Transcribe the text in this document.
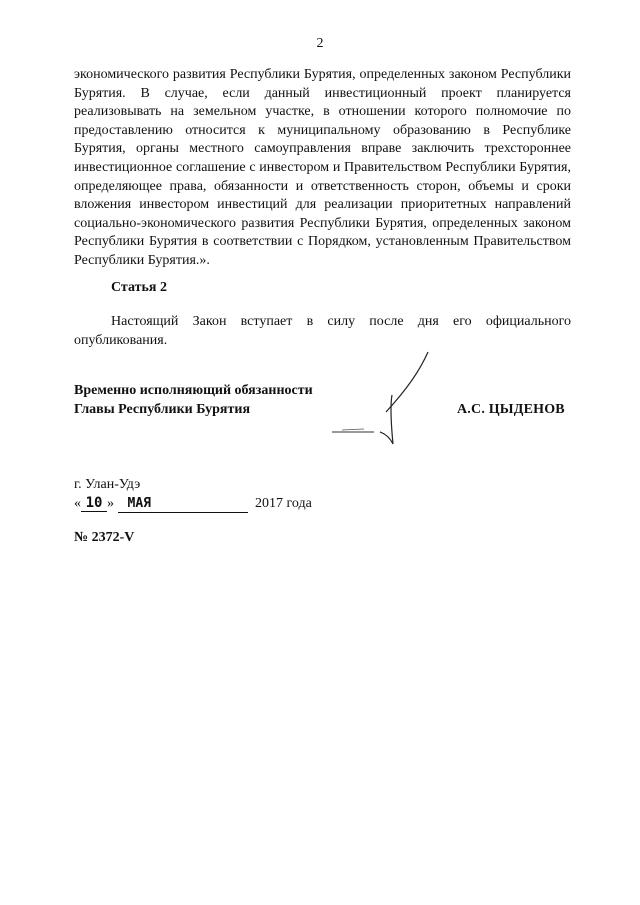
2

экономического развития Республики Бурятия, определенных законом Республики Бурятия. В случае, если данный инвестиционный проект планируется реализовывать на земельном участке, в отношении которого полномочие по предоставлению относится к муниципальному образованию в Республике Бурятия, органы местного самоуправления вправе заключить трехстороннее инвестиционное соглашение с инвестором и Правительством Республики Бурятия, определяющее права, обязанности и ответственность сторон, объемы и сроки вложения инвестором инвестиций для реализации приоритетных направлений социально-экономического развития Республики Бурятия, определенных законом Республики Бурятия в соответствии с Порядком, установленным Правительством Республики Бурятия.».

Статья 2

Настоящий Закон вступает в силу после дня его официального опубликования.

Временно исполняющий обязанности
Главы Республики Бурятия	А.С. ЦЫДЕНОВ
г. Улан-Удэ
« 10 » МАЯ	2017 года
№ 2372-V
